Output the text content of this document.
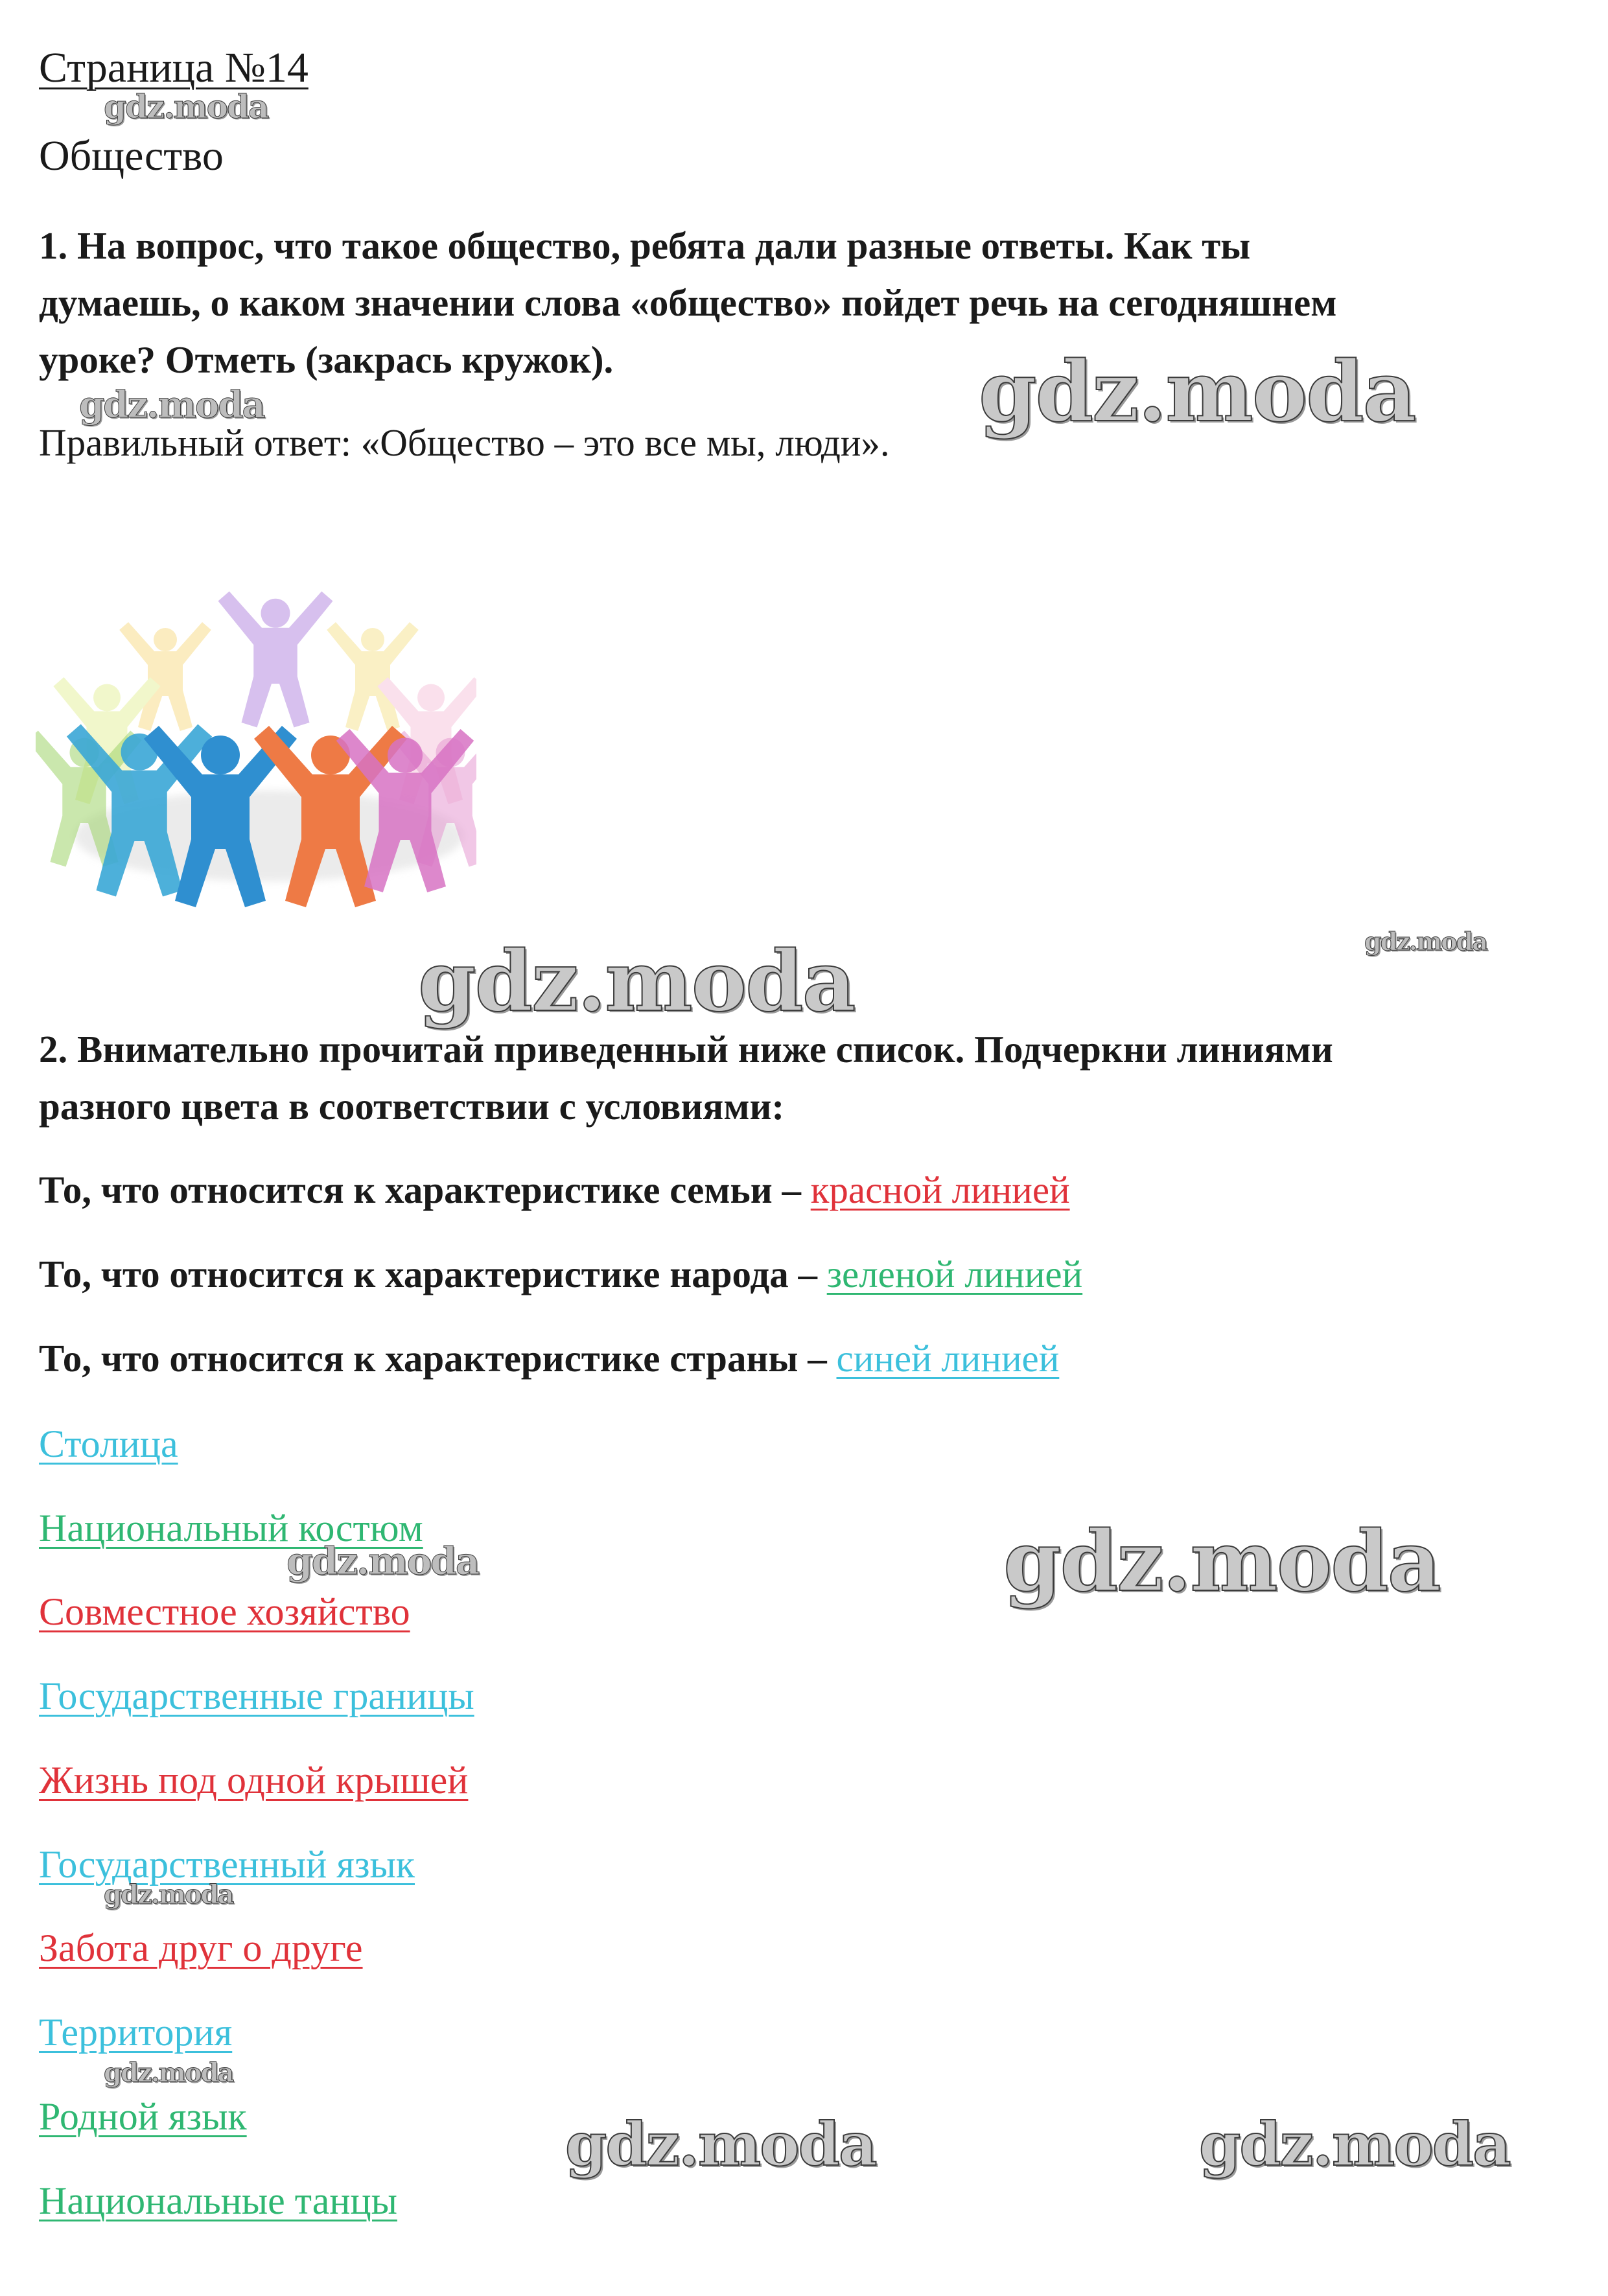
Страница №14
Общество
1. На вопрос, что такое общество, ребята дали разные ответы. Как ты
думаешь, о каком значении слова «общество» пойдет речь на сегодняшнем
уроке? Отметь (закрась кружок).
Правильный ответ: «Общество – это все мы, люди».
2. Внимательно прочитай приведенный ниже список. Подчеркни линиями
разного цвета в соответствии с условиями:
То, что относится к характеристике семьи – красной линией
То, что относится к характеристике народа – зеленой линией
То, что относится к характеристике страны – синей линией
Столица
Национальный костюм
Совместное хозяйство
Государственные границы
Жизнь под одной крышей
Государственный язык
Забота друг о друге
Территория
Родной язык
Национальные танцы
gdz.moda
gdz.moda	gdz.moda
gdz.moda
gdz.moda
gdz.moda	gdz.moda
gdz.moda
gdz.moda
gdz.moda	gdz.moda
